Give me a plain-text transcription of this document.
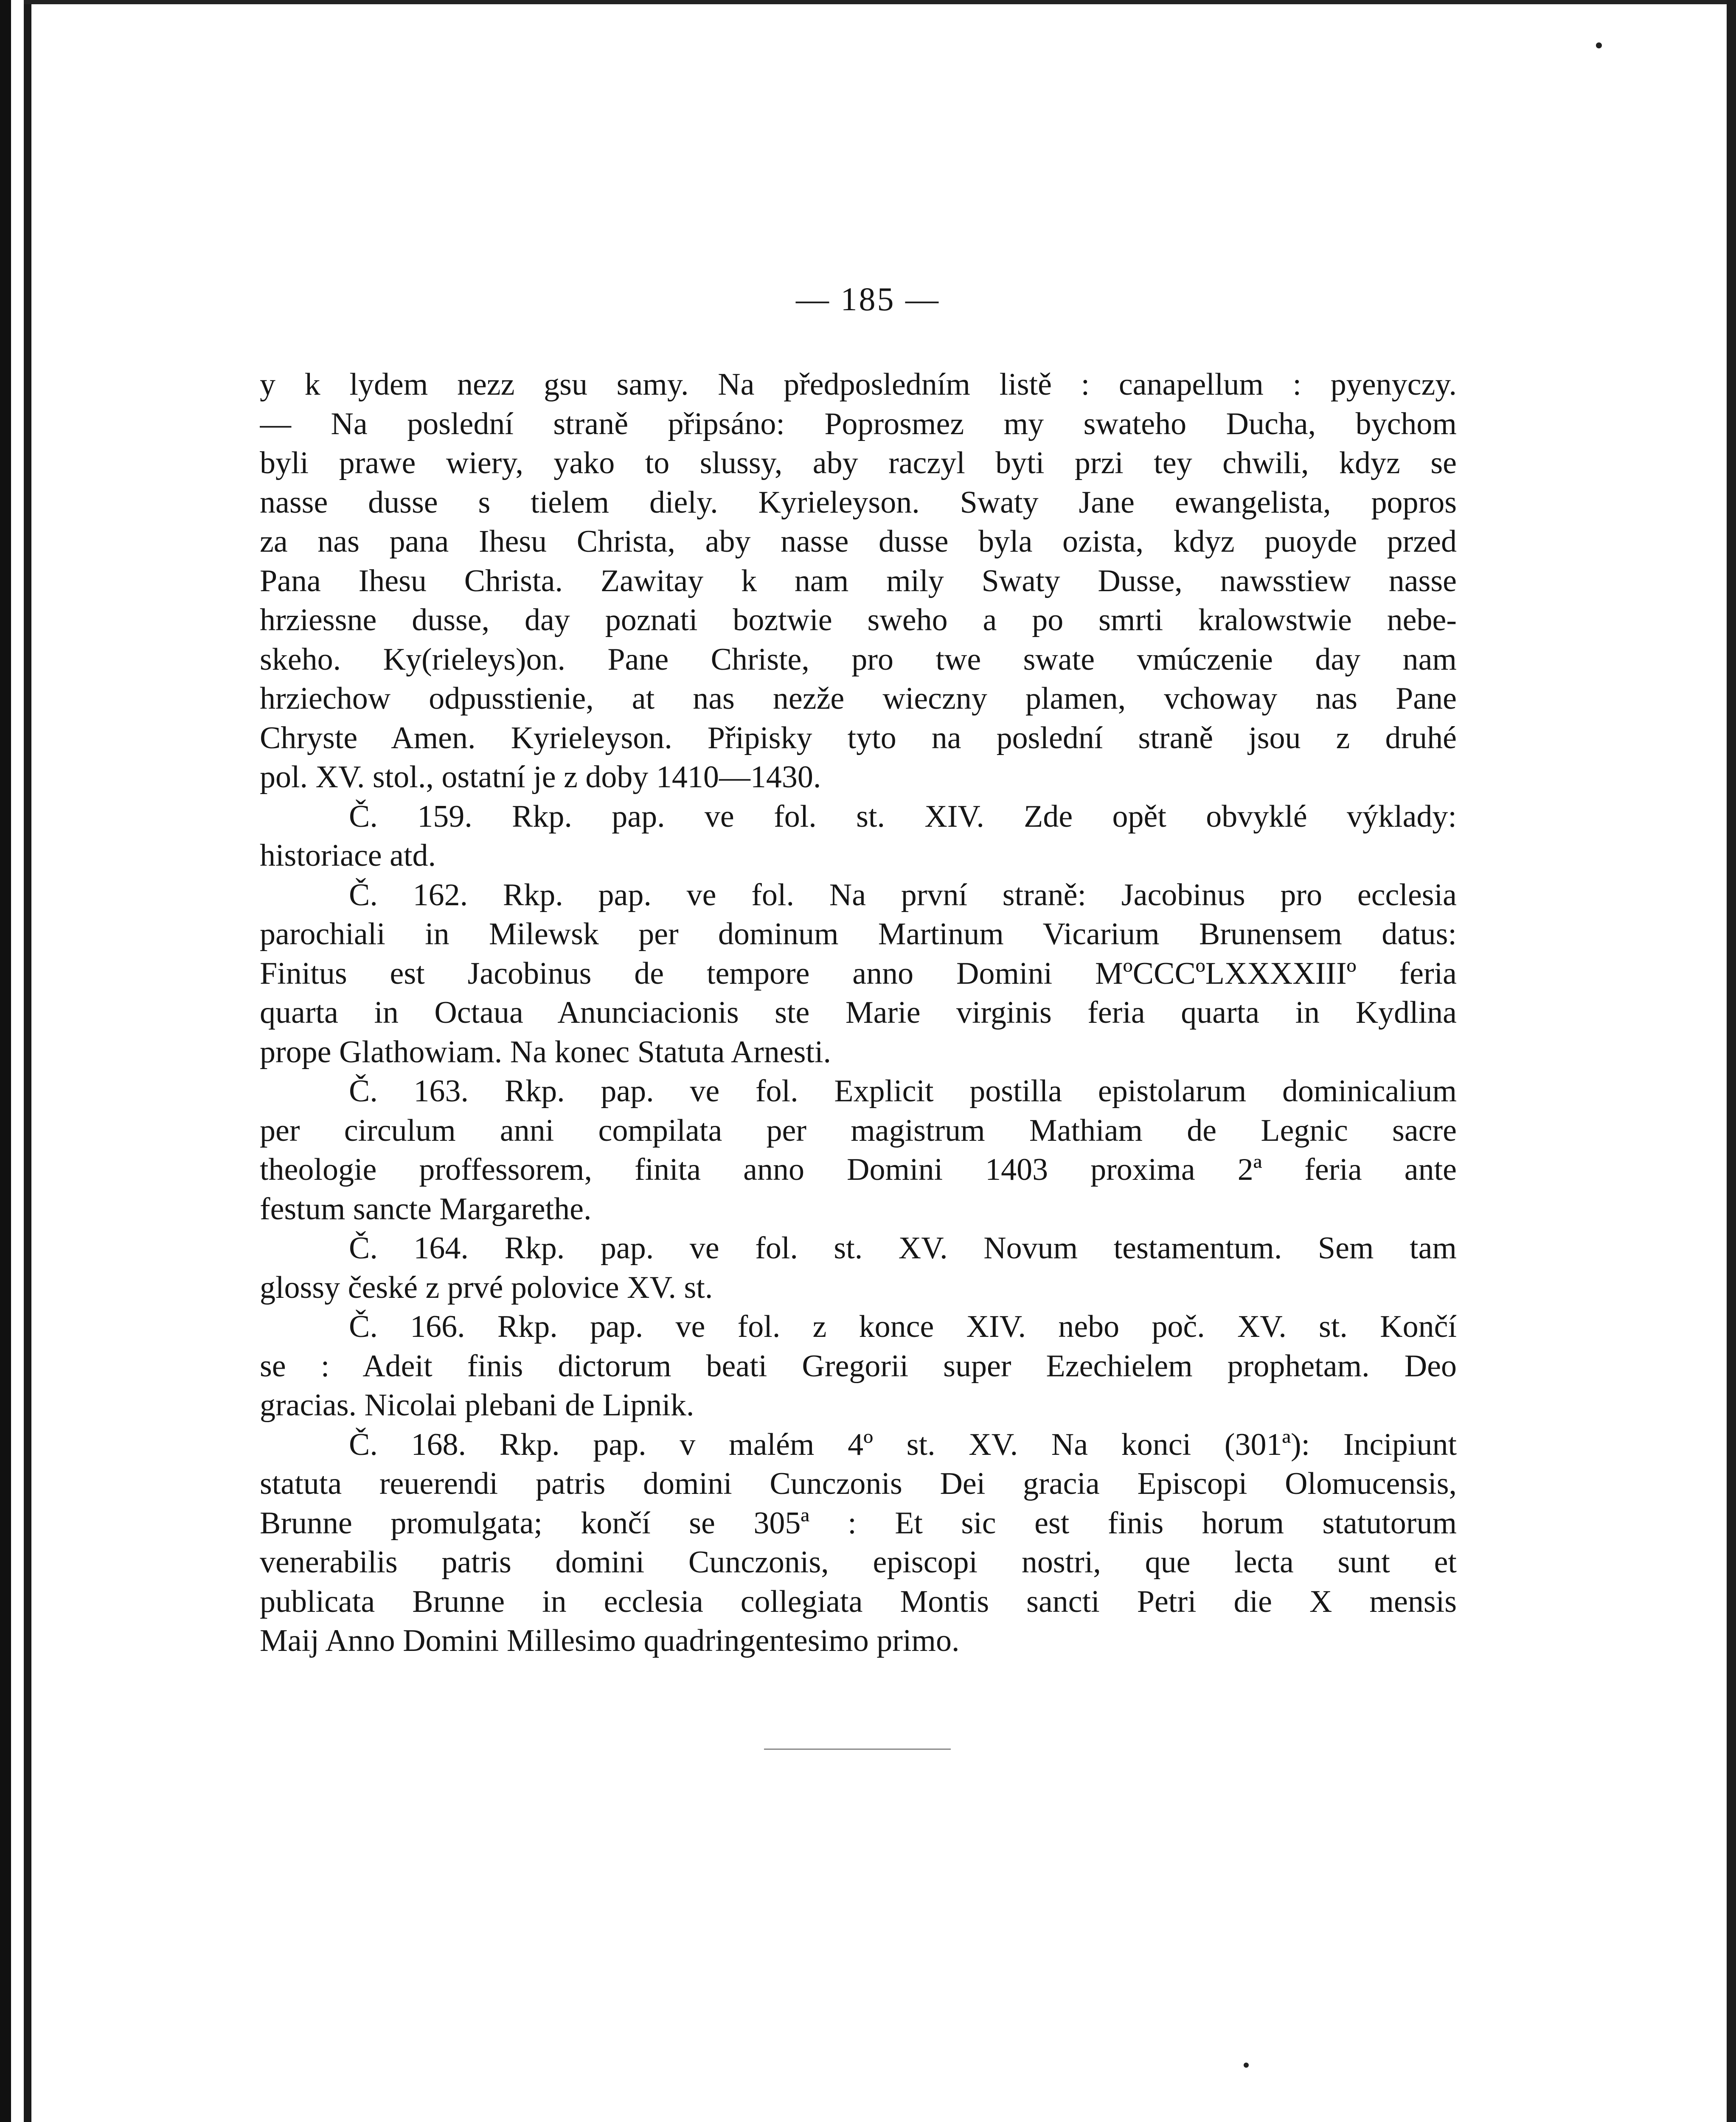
— 185 —
y k lydem nezz gsu samy. Na předposledním listě : canapellum : pyenyczy.
— Na poslední straně připsáno: Poprosmez my swateho Ducha, bychom
byli prawe wiery, yako to slussy, aby raczyl byti przi tey chwili, kdyz se
nasse dusse s tielem diely. Kyrieleyson. Swaty Jane ewangelista, popros
za nas pana Ihesu Christa, aby nasse dusse byla ozista, kdyz puoyde przed
Pana Ihesu Christa. Zawitay k nam mily Swaty Dusse, nawsstiew nasse
hrziessne dusse, day poznati boztwie sweho a po smrti kralowstwie nebe-
skeho. Ky(rieleys)on. Pane Christe, pro twe swate vmúczenie day nam
hrziechow odpusstienie, at nas nezže wieczny plamen, vchoway nas Pane
Chryste Amen. Kyrieleyson. Připisky tyto na poslední straně jsou z druhé
pol. XV. stol., ostatní je z doby 1410—1430.
Č. 159. Rkp. pap. ve fol. st. XIV. Zde opět obvyklé výklady:
historiace atd.
Č. 162. Rkp. pap. ve fol. Na první straně: Jacobinus pro ecclesia
parochiali in Milewsk per dominum Martinum Vicarium Brunensem datus:
Finitus est Jacobinus de tempore anno Domini MºCCCºLXXXXIIIº feria
quarta in Octaua Anunciacionis ste Marie virginis feria quarta in Kydlina
prope Glathowiam. Na konec Statuta Arnesti.
Č. 163. Rkp. pap. ve fol. Explicit postilla epistolarum dominicalium
per circulum anni compilata per magistrum Mathiam de Legnic sacre
theologie proffessorem, finita anno Domini 1403 proxima 2ª feria ante
festum sancte Margarethe.
Č. 164. Rkp. pap. ve fol. st. XV. Novum testamentum. Sem tam
glossy české z prvé polovice XV. st.
Č. 166. Rkp. pap. ve fol. z konce XIV. nebo poč. XV. st. Končí
se : Adeit finis dictorum beati Gregorii super Ezechielem prophetam. Deo
gracias. Nicolai plebani de Lipnik.
Č. 168. Rkp. pap. v malém 4º st. XV. Na konci (301ª): Incipiunt
statuta reuerendi patris domini Cunczonis Dei gracia Episcopi Olomucensis,
Brunne promulgata; končí se 305ª : Et sic est finis horum statutorum
venerabilis patris domini Cunczonis, episcopi nostri, que lecta sunt et
publicata Brunne in ecclesia collegiata Montis sancti Petri die X mensis
Maij Anno Domini Millesimo quadringentesimo primo.
